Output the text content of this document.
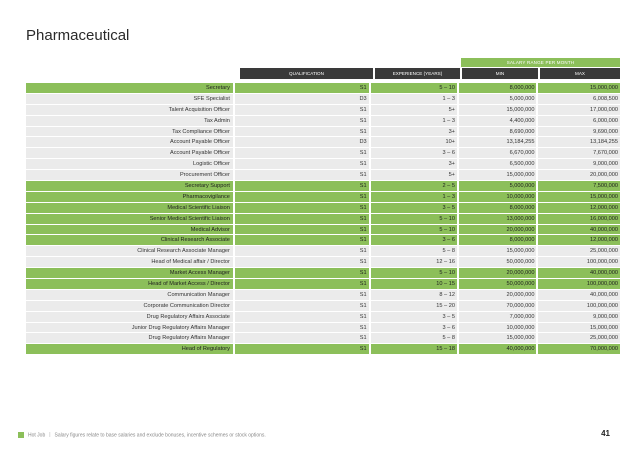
Pharmaceutical
SALARY RANGE PER MONTH
QUALIFICATION	EXPERIENCE (YEARS)	MIN	MAX
Secretary	S1	5 – 10	8,000,000	15,000,000
SFE Specialist	D3	1 – 3	5,000,000	6,008,500
Talent Acquisition Officer	S1	5+	15,000,000	17,000,000
Tax Admin	S1	1 – 3	4,400,000	6,000,000
Tax Compliance Officer	S1	3+	8,690,000	9,690,000
Account Payable Officer	D3	10+	13,184,255	13,184,255
Account Payable Officer	S1	3 – 6	6,670,000	7,670,000
Logistic Officer	S1	3+	6,500,000	9,000,000
Procurement Officer	S1	5+	15,000,000	20,000,000
Secretary Support	S1	2 – 5	5,000,000	7,500,000
Pharmacovigilance	S1	1 – 3	10,000,000	15,000,000
Medical Scientific Liaison	S1	3 – 5	8,000,000	12,000,000
Senior Medical Scientific Liaison	S1	5 – 10	13,000,000	16,000,000
Medical Advisor	S1	5 – 10	20,000,000	40,000,000
Clinical Research Associate	S1	3 – 6	8,000,000	12,000,000
Clinical Research Associate Manager	S1	5 – 8	15,000,000	25,000,000
Head of Medical affair / Director	S1	12 – 16	50,000,000	100,000,000
Market Access Manager	S1	5 – 10	20,000,000	40,000,000
Head of Market Access / Director	S1	10 – 15	50,000,000	100,000,000
Communication Manager	S1	8 – 12	20,000,000	40,000,000
Corporate Communication Director	S1	15 – 20	70,000,000	100,000,000
Drug Regulatory Affairs Associate	S1	3 – 5	7,000,000	9,000,000
Junior Drug Regulatory Affairs Manager	S1	3 – 6	10,000,000	15,000,000
Drug Regulatory Affairs Manager	S1	5 – 8	15,000,000	25,000,000
Head of Regulatory	S1	15 – 18	40,000,000	70,000,000
Hot Job | Salary figures relate to base salaries and exclude bonuses, incentive schemes or stock options.	41
